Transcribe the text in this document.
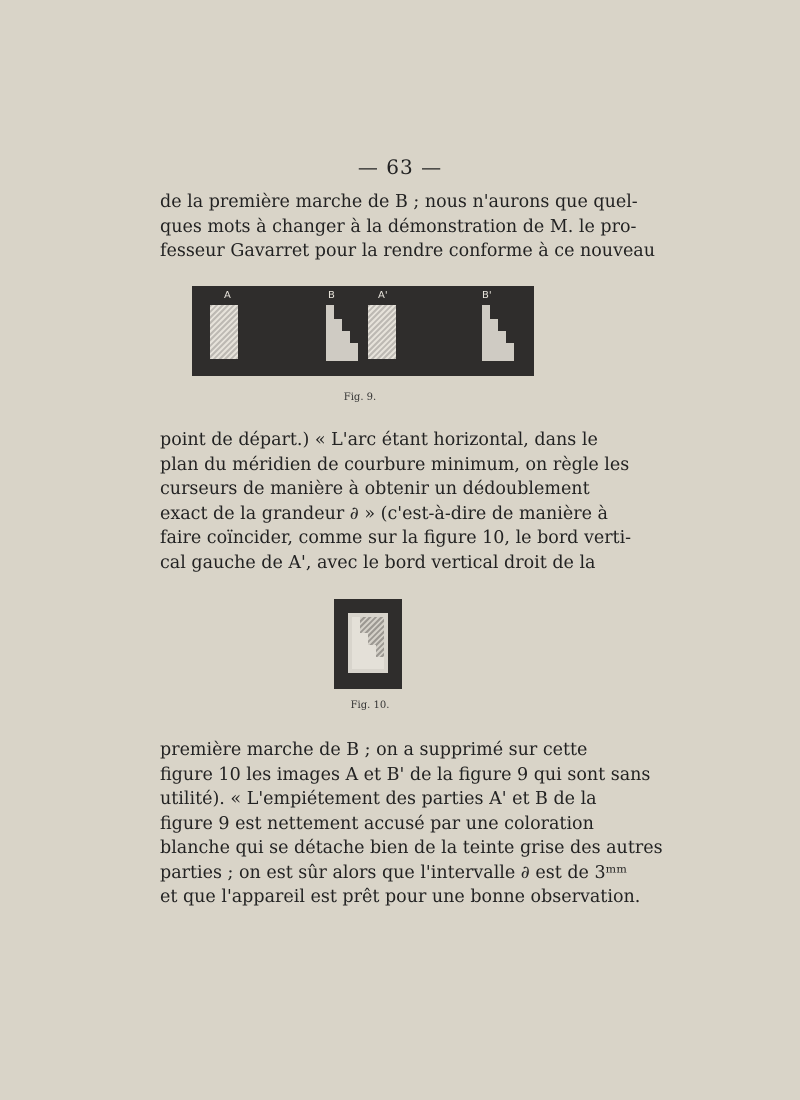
— 63 —

de la première marche de B ; nous n'aurons que quel-
ques mots à changer à la démonstration de M. le pro-
fesseur Gavarret pour la rendre conforme à ce nouveau

A	B	A'	B'
Fig. 9.

point de départ.) « L'arc étant horizontal, dans le
plan du méridien de courbure minimum, on règle les
curseurs de manière à obtenir un dédoublement
exact de la grandeur ∂ » (c'est-à-dire de manière à
faire coïncider, comme sur la figure 10, le bord verti-
cal gauche de A', avec le bord vertical droit de la

Fig. 10.

première marche de B ; on a supprimé sur cette
figure 10 les images A et B' de la figure 9 qui sont sans
utilité). « L'empiétement des parties A' et B de la
figure 9 est nettement accusé par une coloration
blanche qui se détache bien de la teinte grise des autres
parties ; on est sûr alors que l'intervalle ∂ est de 3ᵐᵐ
et que l'appareil est prêt pour une bonne observation.
